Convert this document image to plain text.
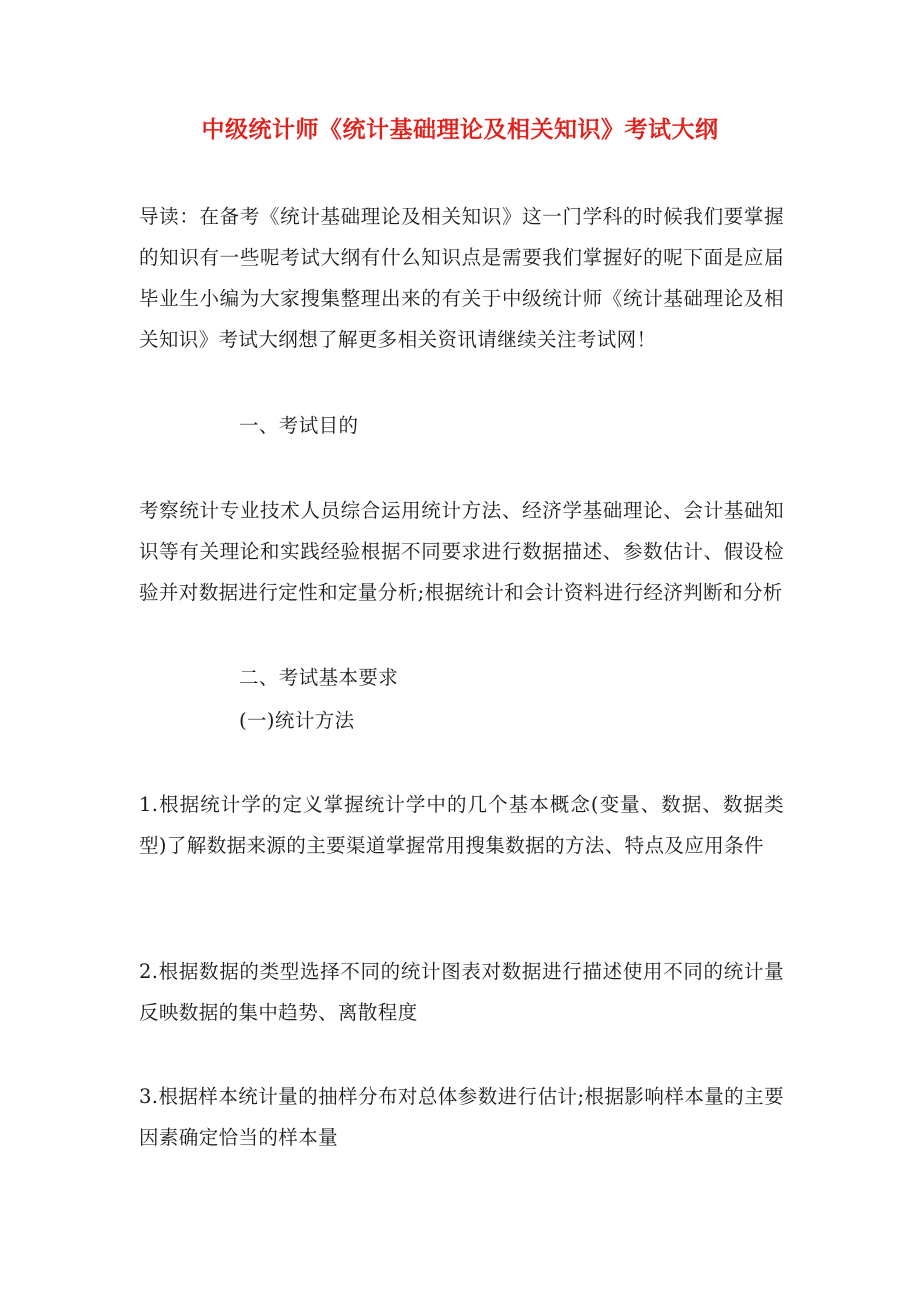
中级统计师《统计基础理论及相关知识》考试大纲

导读：在备考《统计基础理论及相关知识》这一门学科的时候我们要掌握的知识有一些呢考试大纲有什么知识点是需要我们掌握好的呢下面是应届毕业生小编为大家搜集整理出来的有关于中级统计师《统计基础理论及相关知识》考试大纲想了解更多相关资讯请继续关注考试网！

一、考试目的

考察统计专业技术人员综合运用统计方法、经济学基础理论、会计基础知识等有关理论和实践经验根据不同要求进行数据描述、参数估计、假设检验并对数据进行定性和定量分析;根据统计和会计资料进行经济判断和分析

二、考试基本要求

(一)统计方法

1.根据统计学的定义掌握统计学中的几个基本概念(变量、数据、数据类型)了解数据来源的主要渠道掌握常用搜集数据的方法、特点及应用条件

2.根据数据的类型选择不同的统计图表对数据进行描述使用不同的统计量反映数据的集中趋势、离散程度

3.根据样本统计量的抽样分布对总体参数进行估计;根据影响样本量的主要因素确定恰当的样本量
